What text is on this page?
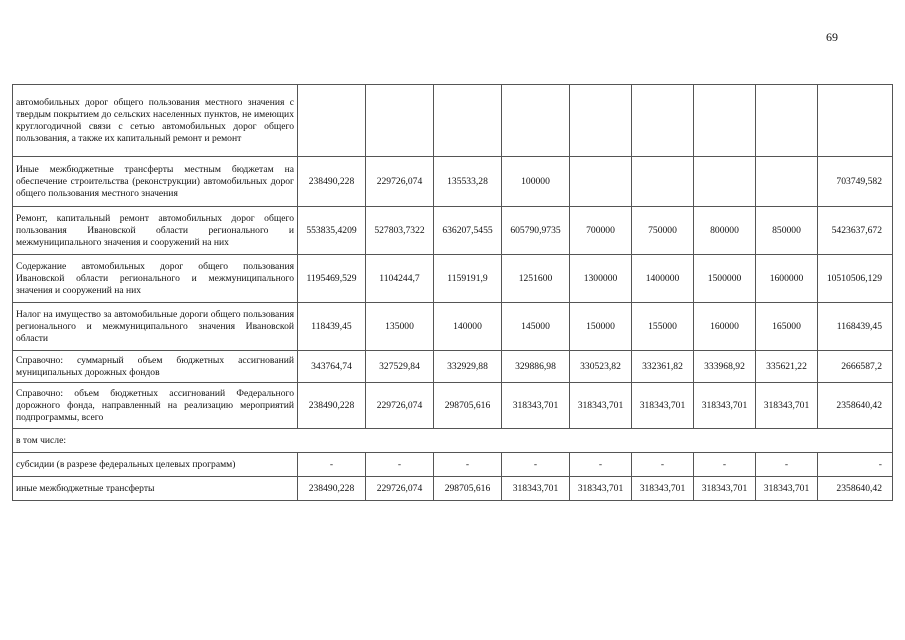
69
автомобильных дорог общего пользования местного значения с твердым покрытием до сельских населенных пунктов, не имеющих круглогодичной связи с сетью автомобильных дорог общего пользования, а также их капитальный ремонт и ремонт									
Иные межбюджетные трансферты местным бюджетам на обеспечение строительства (реконструкции) автомобильных дорог общего пользования местного значения	238490,228	229726,074	135533,28	100000					703749,582
Ремонт, капитальный ремонт автомобильных дорог общего пользования Ивановской области регионального и межмуниципального значения и сооружений на них	553835,4209	527803,7322	636207,5455	605790,9735	700000	750000	800000	850000	5423637,672
Содержание автомобильных дорог общего пользования Ивановской области регионального и межмуниципального значения и сооружений на них	1195469,529	1104244,7	1159191,9	1251600	1300000	1400000	1500000	1600000	10510506,129
Налог на имущество за автомобильные дороги общего пользования регионального и межмуниципального значения Ивановской области	118439,45	135000	140000	145000	150000	155000	160000	165000	1168439,45
Справочно: суммарный объем бюджетных ассигнований муниципальных дорожных фондов	343764,74	327529,84	332929,88	329886,98	330523,82	332361,82	333968,92	335621,22	2666587,2
Справочно: объем бюджетных ассигнований Федерального дорожного фонда, направленный на реализацию мероприятий подпрограммы, всего	238490,228	229726,074	298705,616	318343,701	318343,701	318343,701	318343,701	318343,701	2358640,42
в том числе:									
субсидии (в разрезе федеральных целевых программ)	-	-	-	-	-	-	-	-	-
иные межбюджетные трансферты	238490,228	229726,074	298705,616	318343,701	318343,701	318343,701	318343,701	318343,701	2358640,42
